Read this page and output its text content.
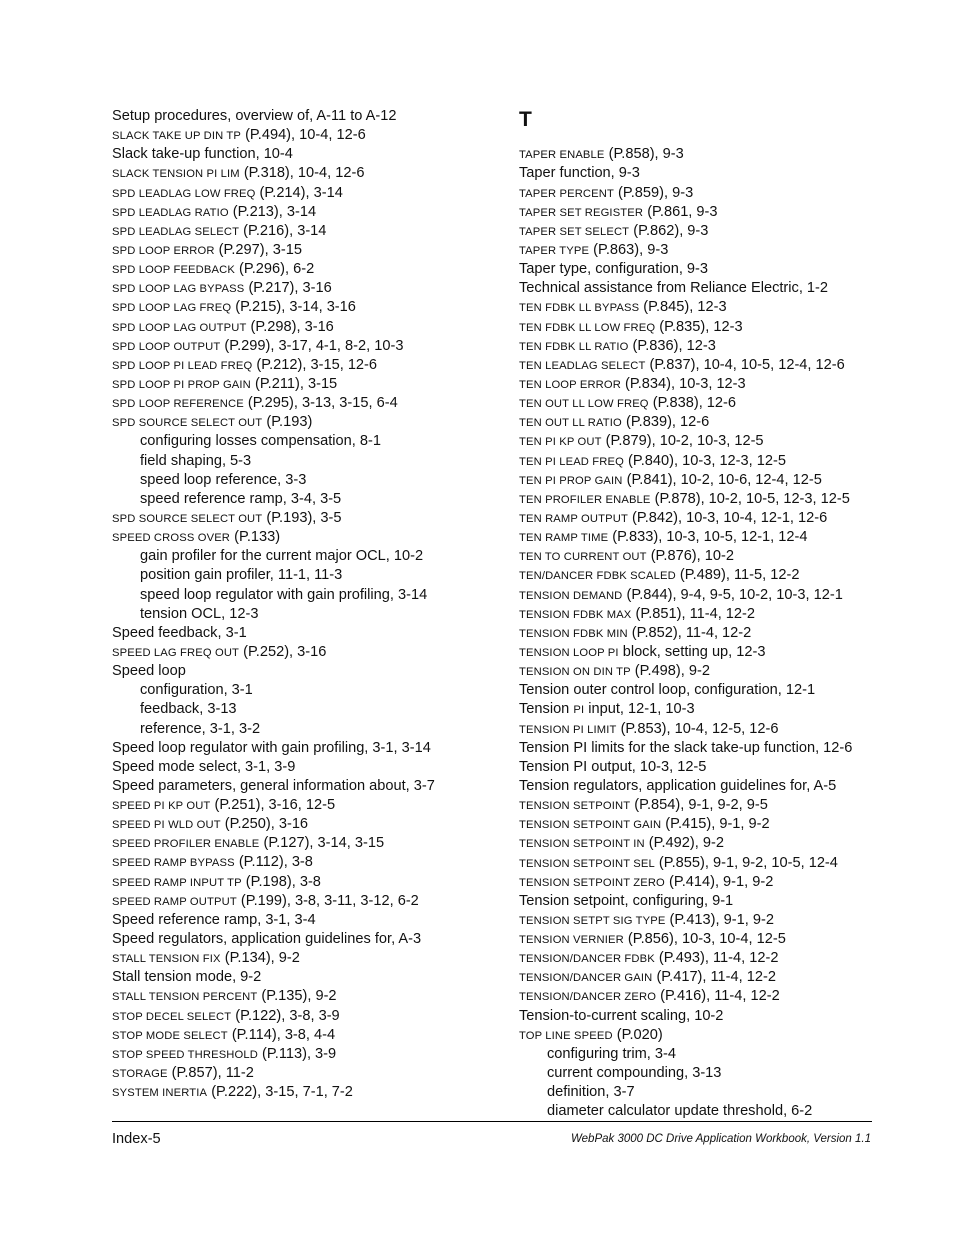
Setup procedures, overview of, A-11 to A-12
SLACK TAKE UP DIN TP (P.494), 10-4, 12-6
Slack take-up function, 10-4
SLACK TENSION PI LIM (P.318), 10-4, 12-6
SPD LEADLAG LOW FREQ (P.214), 3-14
SPD LEADLAG RATIO (P.213), 3-14
SPD LEADLAG SELECT (P.216), 3-14
SPD LOOP ERROR (P.297), 3-15
SPD LOOP FEEDBACK (P.296), 6-2
SPD LOOP LAG BYPASS (P.217), 3-16
SPD LOOP LAG FREQ (P.215), 3-14, 3-16
SPD LOOP LAG OUTPUT (P.298), 3-16
SPD LOOP OUTPUT (P.299), 3-17, 4-1, 8-2, 10-3
SPD LOOP PI LEAD FREQ (P.212), 3-15, 12-6
SPD LOOP PI PROP GAIN (P.211), 3-15
SPD LOOP REFERENCE (P.295), 3-13, 3-15, 6-4
SPD SOURCE SELECT OUT (P.193)
configuring losses compensation, 8-1
field shaping, 5-3
speed loop reference, 3-3
speed reference ramp, 3-4, 3-5
SPD SOURCE SELECT OUT (P.193), 3-5
SPEED CROSS OVER (P.133)
gain profiler for the current major OCL, 10-2
position gain profiler, 11-1, 11-3
speed loop regulator with gain profiling, 3-14
tension OCL, 12-3
Speed feedback, 3-1
SPEED LAG FREQ OUT (P.252), 3-16
Speed loop
configuration, 3-1
feedback, 3-13
reference, 3-1, 3-2
Speed loop regulator with gain profiling, 3-1, 3-14
Speed mode select, 3-1, 3-9
Speed parameters, general information about, 3-7
SPEED PI KP OUT (P.251), 3-16, 12-5
SPEED PI WLD OUT (P.250), 3-16
SPEED PROFILER ENABLE (P.127), 3-14, 3-15
SPEED RAMP BYPASS (P.112), 3-8
SPEED RAMP INPUT TP (P.198), 3-8
SPEED RAMP OUTPUT (P.199), 3-8, 3-11, 3-12, 6-2
Speed reference ramp, 3-1, 3-4
Speed regulators, application guidelines for, A-3
STALL TENSION FIX (P.134), 9-2
Stall tension mode, 9-2
STALL TENSION PERCENT (P.135), 9-2
STOP DECEL SELECT (P.122), 3-8, 3-9
STOP MODE SELECT (P.114), 3-8, 4-4
STOP SPEED THRESHOLD (P.113), 3-9
STORAGE (P.857), 11-2
SYSTEM INERTIA (P.222), 3-15, 7-1, 7-2
T
TAPER ENABLE (P.858), 9-3
Taper function, 9-3
TAPER PERCENT (P.859), 9-3
TAPER SET REGISTER (P.861, 9-3
TAPER SET SELECT (P.862), 9-3
TAPER TYPE (P.863), 9-3
Taper type, configuration, 9-3
Technical assistance from Reliance Electric, 1-2
TEN FDBK LL BYPASS (P.845), 12-3
TEN FDBK LL LOW FREQ (P.835), 12-3
TEN FDBK LL RATIO (P.836), 12-3
TEN LEADLAG SELECT (P.837), 10-4, 10-5, 12-4, 12-6
TEN LOOP ERROR (P.834), 10-3, 12-3
TEN OUT LL LOW FREQ (P.838), 12-6
TEN OUT LL RATIO (P.839), 12-6
TEN PI KP OUT (P.879), 10-2, 10-3, 12-5
TEN PI LEAD FREQ (P.840), 10-3, 12-3, 12-5
TEN PI PROP GAIN (P.841), 10-2, 10-6, 12-4, 12-5
TEN PROFILER ENABLE (P.878), 10-2, 10-5, 12-3, 12-5
TEN RAMP OUTPUT (P.842), 10-3, 10-4, 12-1, 12-6
TEN RAMP TIME (P.833), 10-3, 10-5, 12-1, 12-4
TEN TO CURRENT OUT (P.876), 10-2
TEN/DANCER FDBK SCALED (P.489), 11-5, 12-2
TENSION DEMAND (P.844), 9-4, 9-5, 10-2, 10-3, 12-1
TENSION FDBK MAX (P.851), 11-4, 12-2
TENSION FDBK MIN (P.852), 11-4, 12-2
TENSION LOOP PI block, setting up, 12-3
TENSION ON DIN TP (P.498), 9-2
Tension outer control loop, configuration, 12-1
Tension PI input, 12-1, 10-3
TENSION PI LIMIT (P.853), 10-4, 12-5, 12-6
Tension PI limits for the slack take-up function, 12-6
Tension PI output, 10-3, 12-5
Tension regulators, application guidelines for, A-5
TENSION SETPOINT (P.854), 9-1, 9-2, 9-5
TENSION SETPOINT GAIN (P.415), 9-1, 9-2
TENSION SETPOINT IN (P.492), 9-2
TENSION SETPOINT SEL (P.855), 9-1, 9-2, 10-5, 12-4
TENSION SETPOINT ZERO (P.414), 9-1, 9-2
Tension setpoint, configuring, 9-1
TENSION SETPT SIG TYPE (P.413), 9-1, 9-2
TENSION VERNIER (P.856), 10-3, 10-4, 12-5
TENSION/DANCER FDBK (P.493), 11-4, 12-2
TENSION/DANCER GAIN (P.417), 11-4, 12-2
TENSION/DANCER ZERO (P.416), 11-4, 12-2
Tension-to-current scaling, 10-2
TOP LINE SPEED (P.020)
configuring trim, 3-4
current compounding, 3-13
definition, 3-7
diameter calculator update threshold, 6-2
Index-5	WebPak 3000 DC Drive Application Workbook, Version 1.1
